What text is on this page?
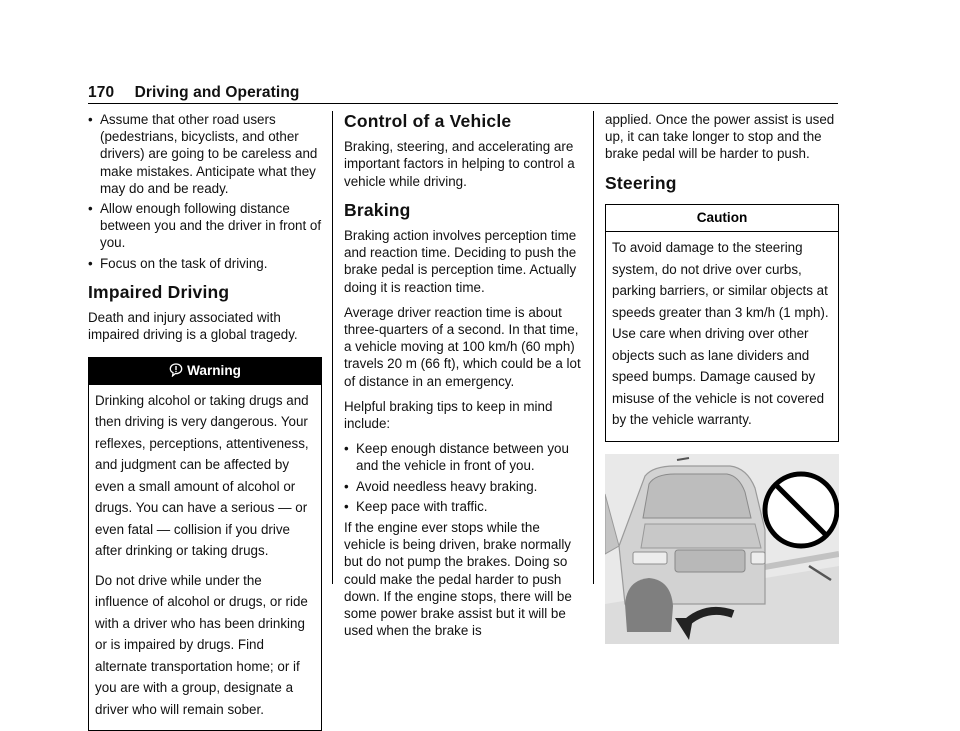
170 Driving and Operating
• Assume that other road users (pedestrians, bicyclists, and other drivers) are going to be careless and make mistakes. Anticipate what they may do and be ready.
• Allow enough following distance between you and the driver in front of you.
• Focus on the task of driving.
Impaired Driving

Death and injury associated with impaired driving is a global tragedy.

Warning

Drinking alcohol or taking drugs and then driving is very dangerous. Your reflexes, perceptions, attentiveness, and judgment can be affected by even a small amount of alcohol or drugs. You can have a serious — or even fatal — collision if you drive after drinking or taking drugs.

Do not drive while under the influence of alcohol or drugs, or ride with a driver who has been drinking or is impaired by drugs. Find alternate transportation home; or if you are with a group, designate a driver who will remain sober.

Control of a Vehicle

Braking, steering, and accelerating are important factors in helping to control a vehicle while driving.

Braking

Braking action involves perception time and reaction time. Deciding to push the brake pedal is perception time. Actually doing it is reaction time.

Average driver reaction time is about three-quarters of a second. In that time, a vehicle moving at 100 km/h (60 mph) travels 20 m (66 ft), which could be a lot of distance in an emergency.

Helpful braking tips to keep in mind include:

• Keep enough distance between you and the vehicle in front of you.
• Avoid needless heavy braking.
• Keep pace with traffic.

If the engine ever stops while the vehicle is being driven, brake normally but do not pump the brakes. Doing so could make the pedal harder to push down. If the engine stops, there will be some power brake assist but it will be used when the brake is

applied. Once the power assist is used up, it can take longer to stop and the brake pedal will be harder to push.

Steering
Caution

To avoid damage to the steering system, do not drive over curbs, parking barriers, or similar objects at speeds greater than 3 km/h (1 mph). Use care when driving over other objects such as lane dividers and speed bumps. Damage caused by misuse of the vehicle is not covered by the vehicle warranty.
